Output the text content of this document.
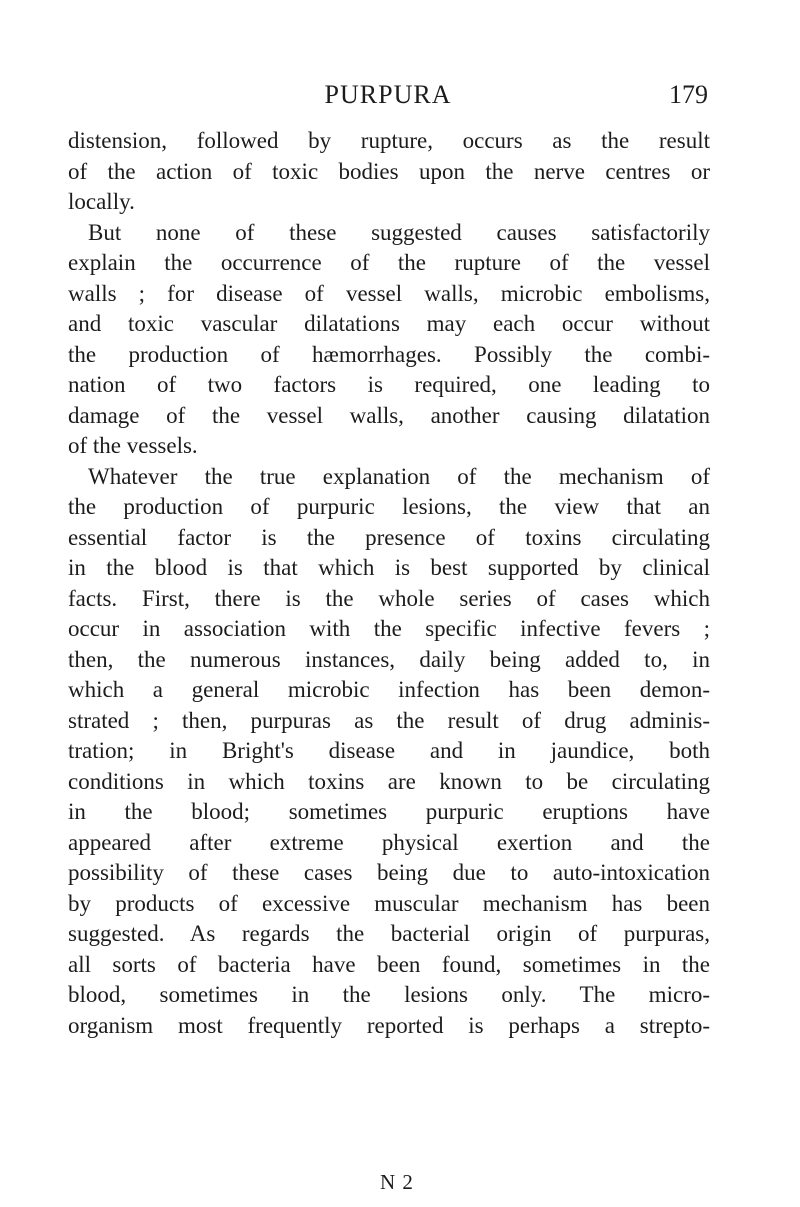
PURPURA	179
distension, followed by rupture, occurs as the result
of the action of toxic bodies upon the nerve centres or
locally.
But none of these suggested causes satisfactorily
explain the occurrence of the rupture of the vessel
walls ; for disease of vessel walls, microbic embolisms,
and toxic vascular dilatations may each occur without
the production of hæmorrhages. Possibly the combi-
nation of two factors is required, one leading to
damage of the vessel walls, another causing dilatation
of the vessels.
Whatever the true explanation of the mechanism of
the production of purpuric lesions, the view that an
essential factor is the presence of toxins circulating
in the blood is that which is best supported by clinical
facts. First, there is the whole series of cases which
occur in association with the specific infective fevers ;
then, the numerous instances, daily being added to, in
which a general microbic infection has been demon-
strated ; then, purpuras as the result of drug adminis-
tration; in Bright's disease and in jaundice, both
conditions in which toxins are known to be circulating
in the blood; sometimes purpuric eruptions have
appeared after extreme physical exertion and the
possibility of these cases being due to auto-intoxication
by products of excessive muscular mechanism has been
suggested. As regards the bacterial origin of purpuras,
all sorts of bacteria have been found, sometimes in the
blood, sometimes in the lesions only. The micro-
organism most frequently reported is perhaps a strepto-
N 2
